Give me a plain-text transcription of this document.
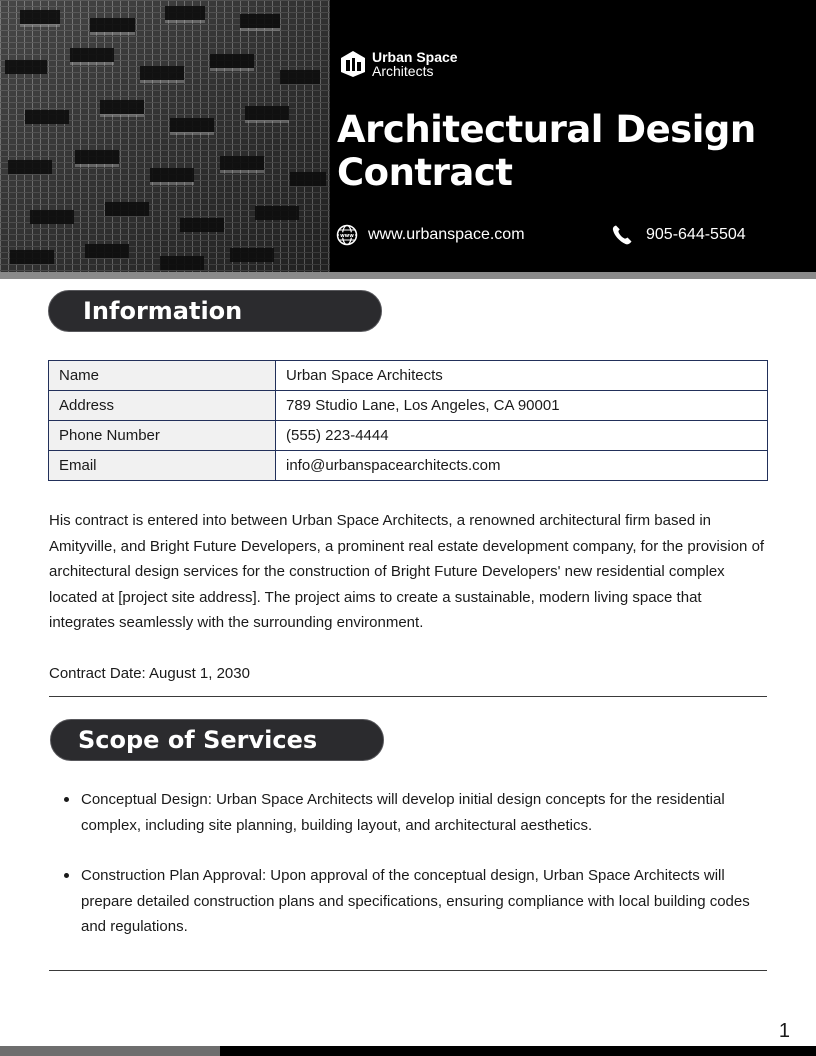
Urban Space
Architects
Architectural Design Contract
www www.urbanspace.com	905-644-5504
Information
Name	Urban Space Architects
Address	789 Studio Lane, Los Angeles, CA 90001
Phone Number	(555) 223-4444
Email	info@urbanspacearchitects.com

His contract is entered into between Urban Space Architects, a renowned architectural firm based in Amityville, and Bright Future Developers, a prominent real estate development company, for the provision of architectural design services for the construction of Bright Future Developers' new residential complex located at [project site address]. The project aims to create a sustainable, modern living space that integrates seamlessly with the surrounding environment.

Contract Date: August 1, 2030

Scope of Services
Conceptual Design: Urban Space Architects will develop initial design concepts for the residential complex, including site planning, building layout, and architectural aesthetics.
Construction Plan Approval: Upon approval of the conceptual design, Urban Space Architects will prepare detailed construction plans and specifications, ensuring compliance with local building codes and regulations.
1
